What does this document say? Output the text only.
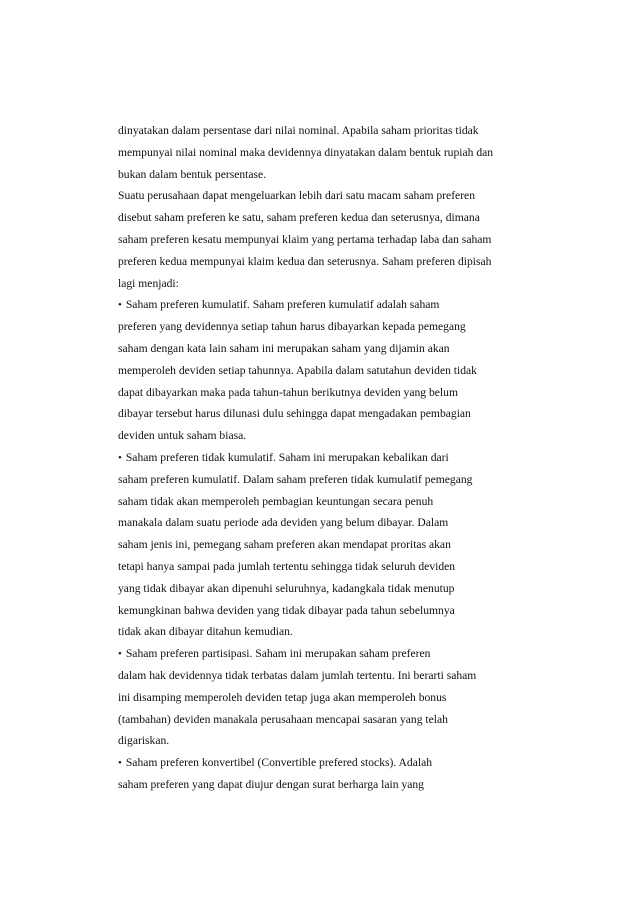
dinyatakan dalam persentase dari nilai nominal. Apabila saham prioritas tidak
mempunyai nilai nominal maka devidennya dinyatakan dalam bentuk rupiah dan
bukan dalam bentuk persentase.
Suatu perusahaan dapat mengeluarkan lebih dari satu macam saham preferen
disebut saham preferen ke satu, saham preferen kedua dan seterusnya, dimana
saham preferen kesatu mempunyai klaim yang pertama terhadap laba dan saham
preferen kedua mempunyai klaim kedua dan seterusnya. Saham preferen dipisah
lagi menjadi:
• Saham preferen kumulatif. Saham preferen kumulatif adalah saham
preferen yang devidennya setiap tahun harus dibayarkan kepada pemegang
saham dengan kata lain saham ini merupakan saham yang dijamin akan
memperoleh deviden setiap tahunnya. Apabila dalam satutahun deviden tidak
dapat dibayarkan maka pada tahun-tahun berikutnya deviden yang belum
dibayar tersebut harus dilunasi dulu sehingga dapat mengadakan pembagian
deviden untuk saham biasa.
• Saham preferen tidak kumulatif. Saham ini merupakan kebalikan dari
saham preferen kumulatif. Dalam saham preferen tidak kumulatif pemegang
saham tidak akan memperoleh pembagian keuntungan secara penuh
manakala dalam suatu periode ada deviden yang belum dibayar. Dalam
saham jenis ini, pemegang saham preferen akan mendapat proritas akan
tetapi hanya sampai pada jumlah tertentu sehingga tidak seluruh deviden
yang tidak dibayar akan dipenuhi seluruhnya, kadangkala tidak menutup
kemungkinan bahwa deviden yang tidak dibayar pada tahun sebelumnya
tidak akan dibayar ditahun kemudian.
• Saham preferen partisipasi. Saham ini merupakan saham preferen
dalam hak devidennya tidak terbatas dalam jumlah tertentu. Ini berarti saham
ini disamping memperoleh deviden tetap juga akan memperoleh bonus
(tambahan) deviden manakala perusahaan mencapai sasaran yang telah
digariskan.
• Saham preferen konvertibel (Convertible prefered stocks). Adalah
saham preferen yang dapat diujur dengan surat berharga lain yang
